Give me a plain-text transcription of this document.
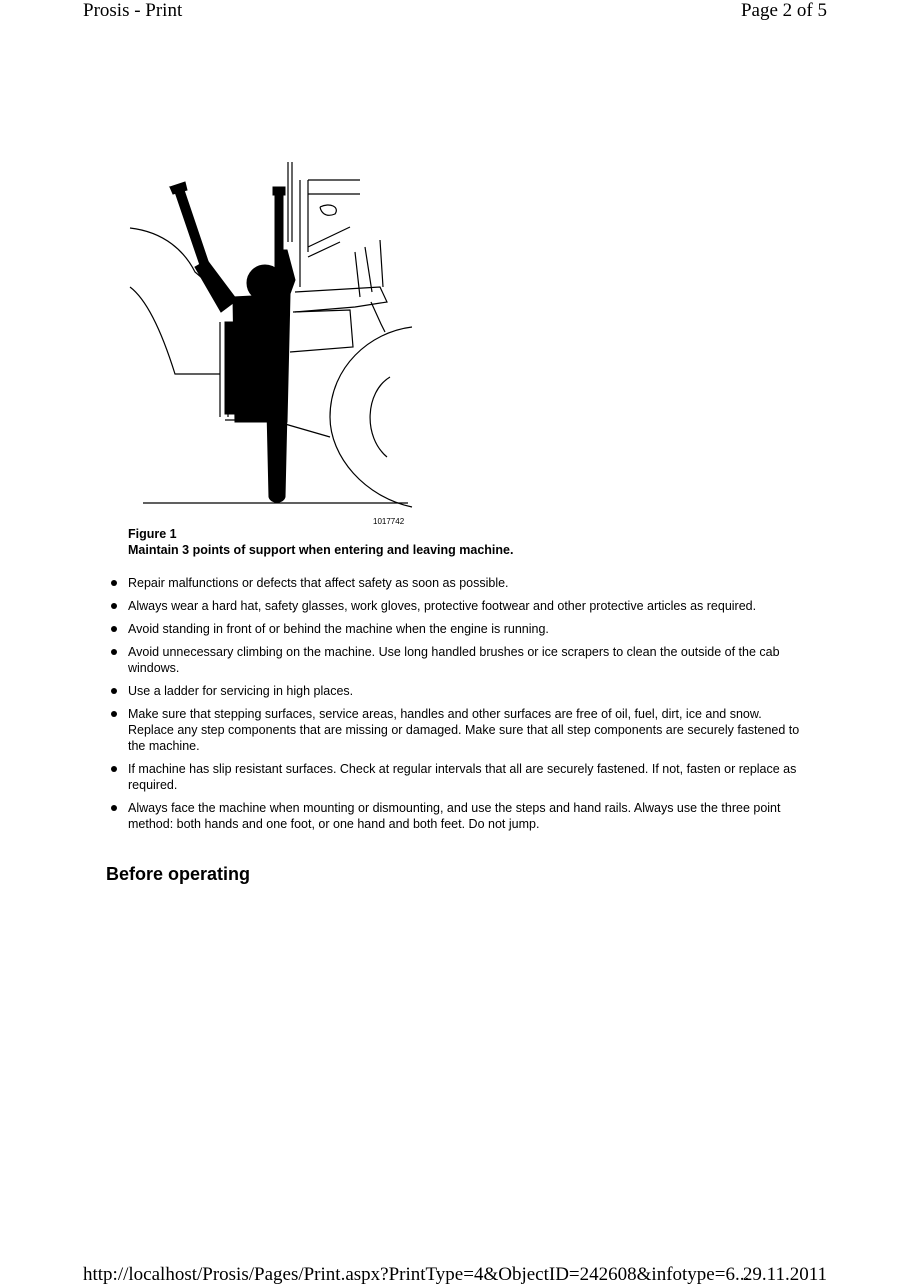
Prosis - Print	Page 2 of 5
1017742
Figure 1
Maintain 3 points of support when entering and leaving machine.
Repair malfunctions or defects that affect safety as soon as possible.
Always wear a hard hat, safety glasses, work gloves, protective footwear and other protective articles as required.
Avoid standing in front of or behind the machine when the engine is running.
Avoid unnecessary climbing on the machine. Use long handled brushes or ice scrapers to clean the outside of the cab windows.
Use a ladder for servicing in high places.
Make sure that stepping surfaces, service areas, handles and other surfaces are free of oil, fuel, dirt, ice and snow. Replace any step components that are missing or damaged. Make sure that all step components are securely fastened to the machine.
If machine has slip resistant surfaces. Check at regular intervals that all are securely fastened. If not, fasten or replace as required.
Always face the machine when mounting or dismounting, and use the steps and hand rails. Always use the three point method: both hands and one foot, or one hand and both feet. Do not jump.
Before operating
http://localhost/Prosis/Pages/Print.aspx?PrintType=4&ObjectID=242608&infotype=6...
29.11.2011
